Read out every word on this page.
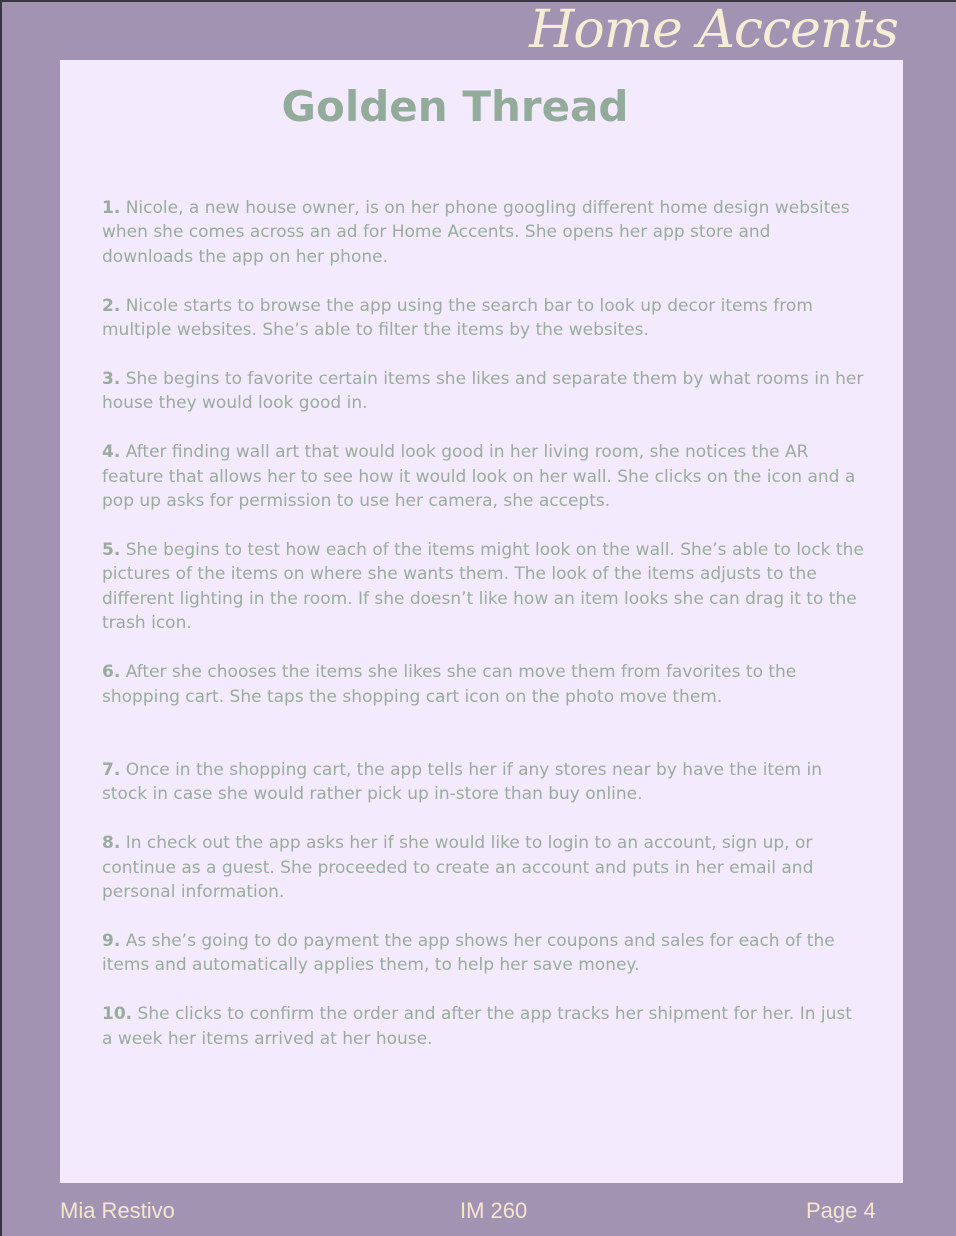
Home Accents
Golden Thread
1. Nicole, a new house owner, is on her phone googling different home design websites when she comes across an ad for Home Accents. She opens her app store and downloads the app on her phone.
2. Nicole starts to browse the app using the search bar to look up decor items from multiple websites. She’s able to filter the items by the websites.
3. She begins to favorite certain items she likes and separate them by what rooms in her house they would look good in.
4. After finding wall art that would look good in her living room, she notices the AR feature that allows her to see how it would look on her wall. She clicks on the icon and a pop up asks for permission to use her camera, she accepts.
5. She begins to test how each of the items might look on the wall. She’s able to lock the pictures of the items on where she wants them. The look of the items adjusts to the different lighting in the room. If she doesn’t like how an item looks she can drag it to the trash icon.
6. After she chooses the items she likes she can move them from favorites to the shopping cart. She taps the shopping cart icon on the photo move them.
7. Once in the shopping cart, the app tells her if any stores near by have the item in stock in case she would rather pick up in-store than buy online.
8. In check out the app asks her if she would like to login to an account, sign up, or continue as a guest. She proceeded to create an account and puts in her email and personal information.
9. As she’s going to do payment the app shows her coupons and sales for each of the items and automatically applies them, to help her save money.
10. She clicks to confirm the order and after the app tracks her shipment for her. In just a week her items arrived at her house.
Mia Restivo	IM 260	Page 4
